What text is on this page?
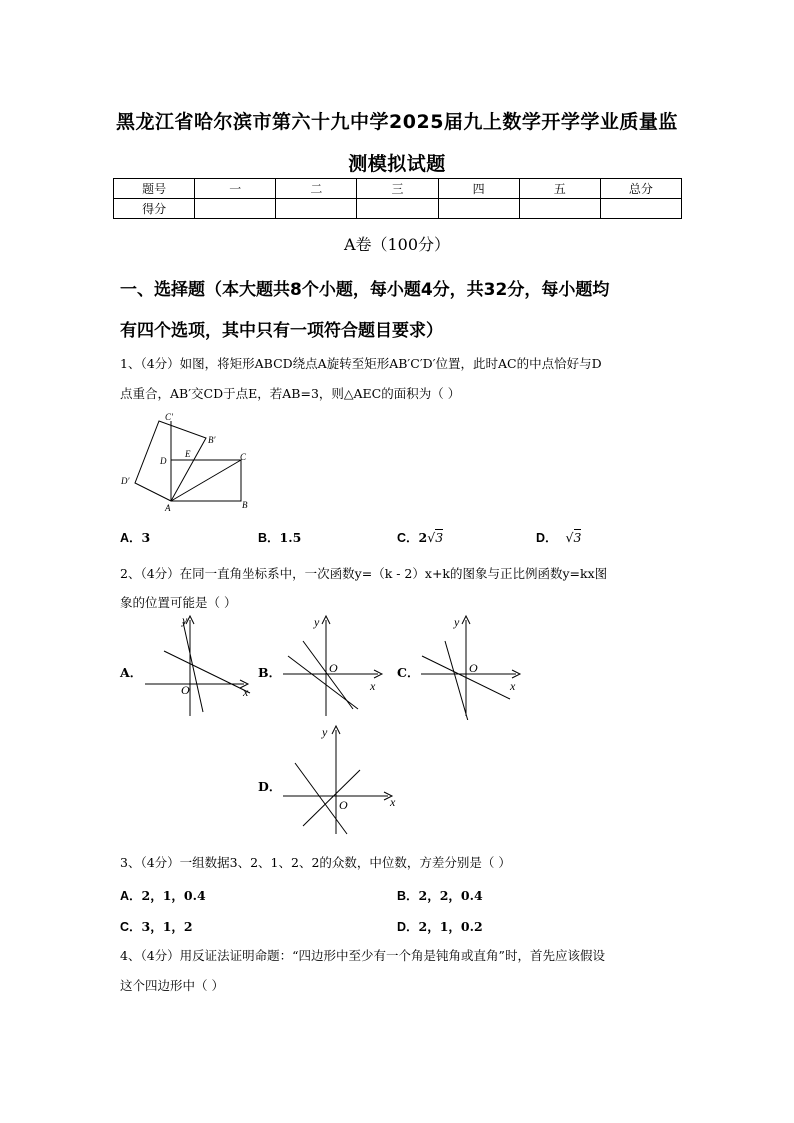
黑龙江省哈尔滨市第六十九中学2025届九上数学开学学业质量监
测模拟试题
题号	一	二	三	四	五	总分
得分						
A卷（100分）
一、选择题（本大题共8个小题，每小题4分，共32分，每小题均
有四个选项，其中只有一项符合题目要求）
1、（4分）如图，将矩形ABCD绕点A旋转至矩形AB′C′D′位置，此时AC的中点恰好与D
点重合，AB′交CD于点E，若AB=3，则△AEC的面积为（ ）
C′
B′
D
E	C
D′
A	B
A．3	B．1.5	C．2√3	D． √3
2、（4分）在同一直角坐标系中，一次函数y=（k - 2）x+k的图象与正比例函数y=kx图
象的位置可能是（ ）
A．
y
x
O
B．
y
x
O	C．
y
x
O
D．
y
x
O
3、（4分）一组数据3、2、1、2、2的众数，中位数，方差分别是（ ）
A．2，1，0.4	B．2，2，0.4
C．3，1，2	D．2，1，0.2
4、（4分）用反证法证明命题：“四边形中至少有一个角是钝角或直角”时，首先应该假设
这个四边形中（ ）
